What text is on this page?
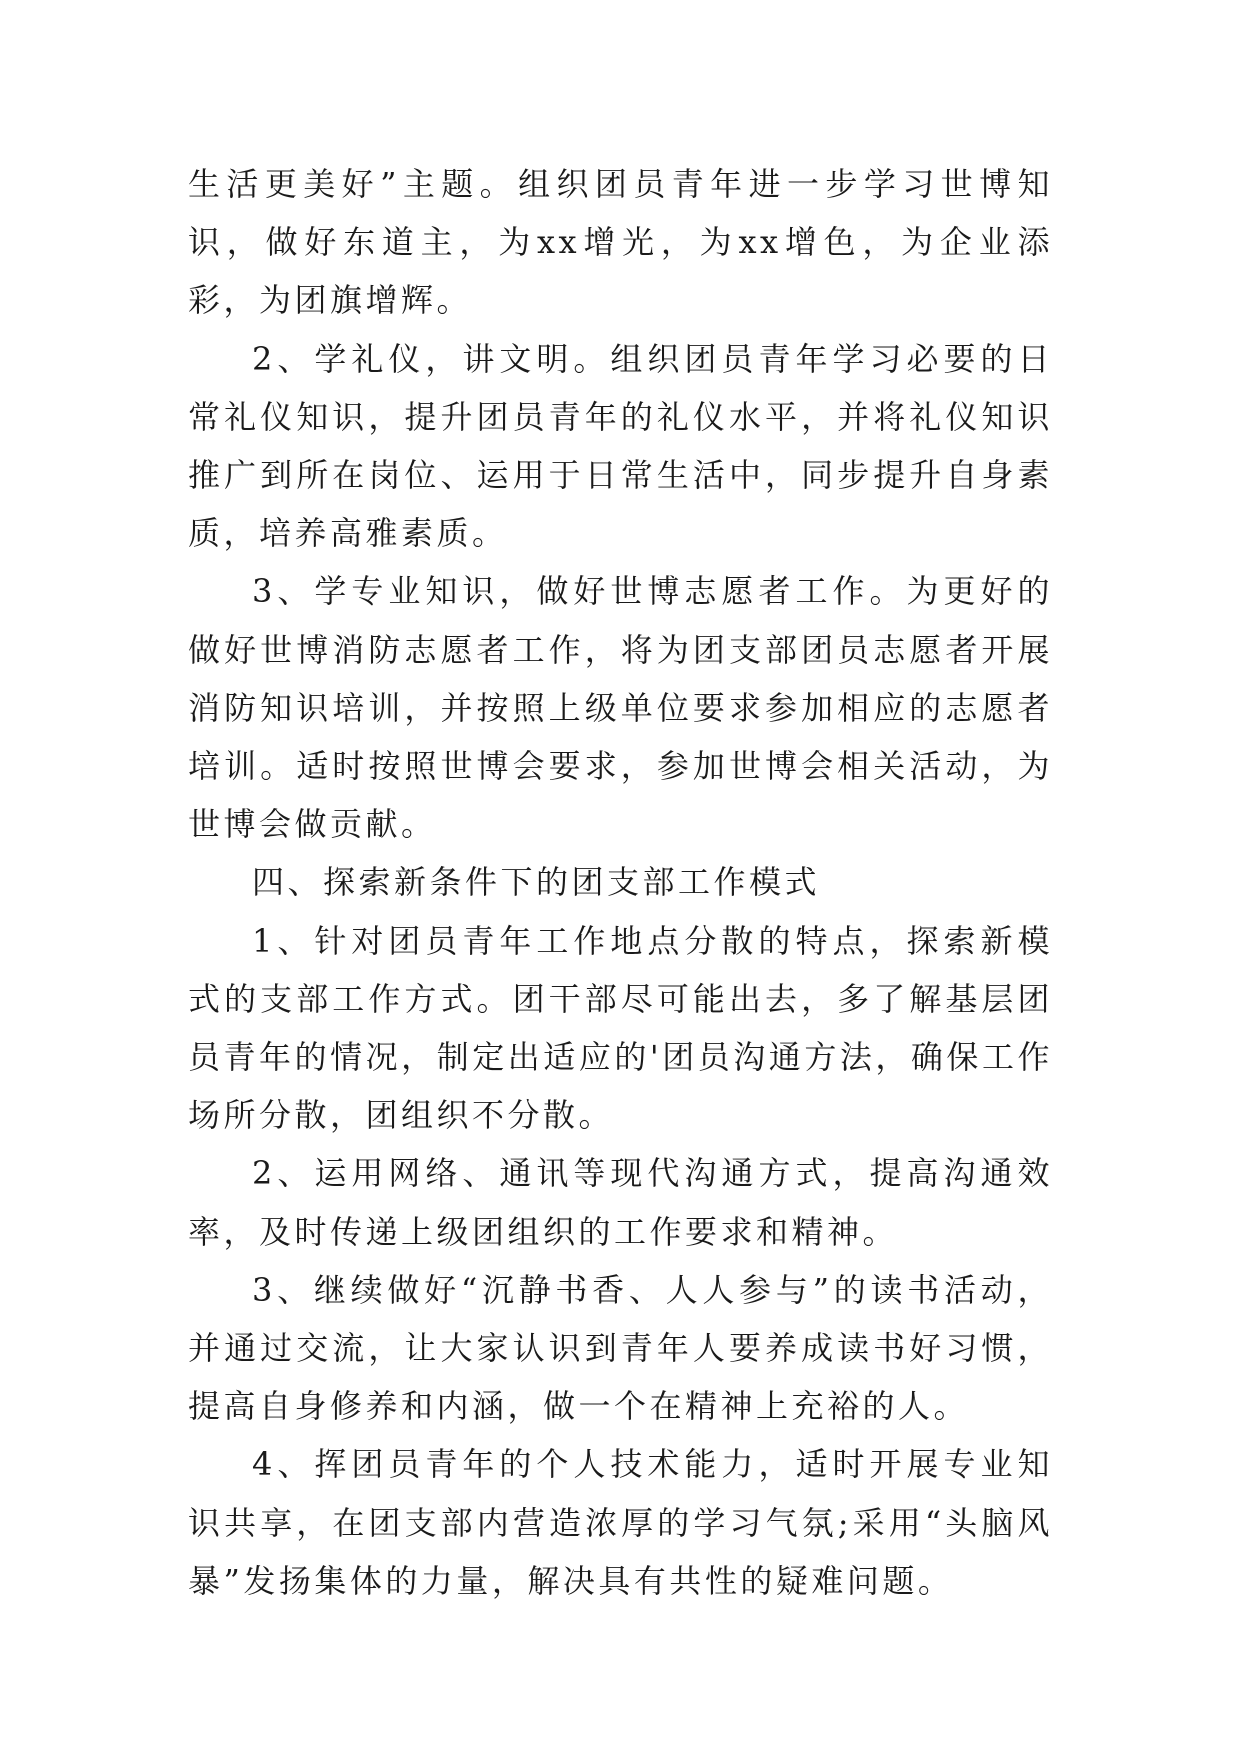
生活更美好”主题。组织团员青年进一步学习世博知识，做好东道主，为xx增光，为xx增色，为企业添彩，为团旗增辉。

2、学礼仪，讲文明。组织团员青年学习必要的日常礼仪知识，提升团员青年的礼仪水平，并将礼仪知识推广到所在岗位、运用于日常生活中，同步提升自身素质，培养高雅素质。

3、学专业知识，做好世博志愿者工作。为更好的做好世博消防志愿者工作，将为团支部团员志愿者开展消防知识培训，并按照上级单位要求参加相应的志愿者培训。适时按照世博会要求，参加世博会相关活动，为世博会做贡献。

四、探索新条件下的团支部工作模式

1、针对团员青年工作地点分散的特点，探索新模式的支部工作方式。团干部尽可能出去，多了解基层团员青年的情况，制定出适应的'团员沟通方法，确保工作场所分散，团组织不分散。

2、运用网络、通讯等现代沟通方式，提高沟通效率，及时传递上级团组织的工作要求和精神。

3、继续做好“沉静书香、人人参与”的读书活动，并通过交流，让大家认识到青年人要养成读书好习惯，提高自身修养和内涵，做一个在精神上充裕的人。

4、挥团员青年的个人技术能力，适时开展专业知识共享，在团支部内营造浓厚的学习气氛;采用“头脑风暴”发扬集体的力量，解决具有共性的疑难问题。
